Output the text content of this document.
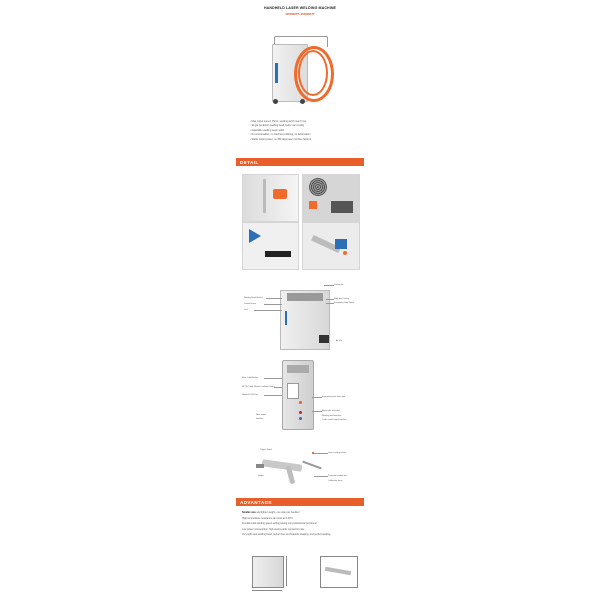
HANDHELD LASER WELDING MACHINE
1000WATT~2000WATT
• Max output speed: 15m/s, welding depth max 6 mm
• Single pendulum welding head, built-in air cooling
• Adjustable welding seam width
• No consumables, no machine polishing, no deformation
• Stable output power, no 350 days laser combine failures
DETAIL
Welding Head Bracket
Control button
Jack
Cooling fan
Fiber bay Cooling
Emergency Stop Switch
Air inlet
Fiber Cable/Socket
MCCB, Diode Breaker, Isolation Switch
Network RJ45 Port
Fiber output
Interface
Equipment power input port
Water inlet and outlet
Welding head interface
Chiller control signal interface
Trigger Switch
Holder
Laser emitting nozzle
Protection window lens
Collimation focus
ADVANTAGE
Smaller size and lighter weight, one side can handle it
High temperature resistance can work at 0-40°C
Fundamental welding speed setting saving non-professional personnel
Low power consumption, high electro-optic conversion rate
Very light spot welding head, perfect fine and beautiful shaping, and perfect welding
